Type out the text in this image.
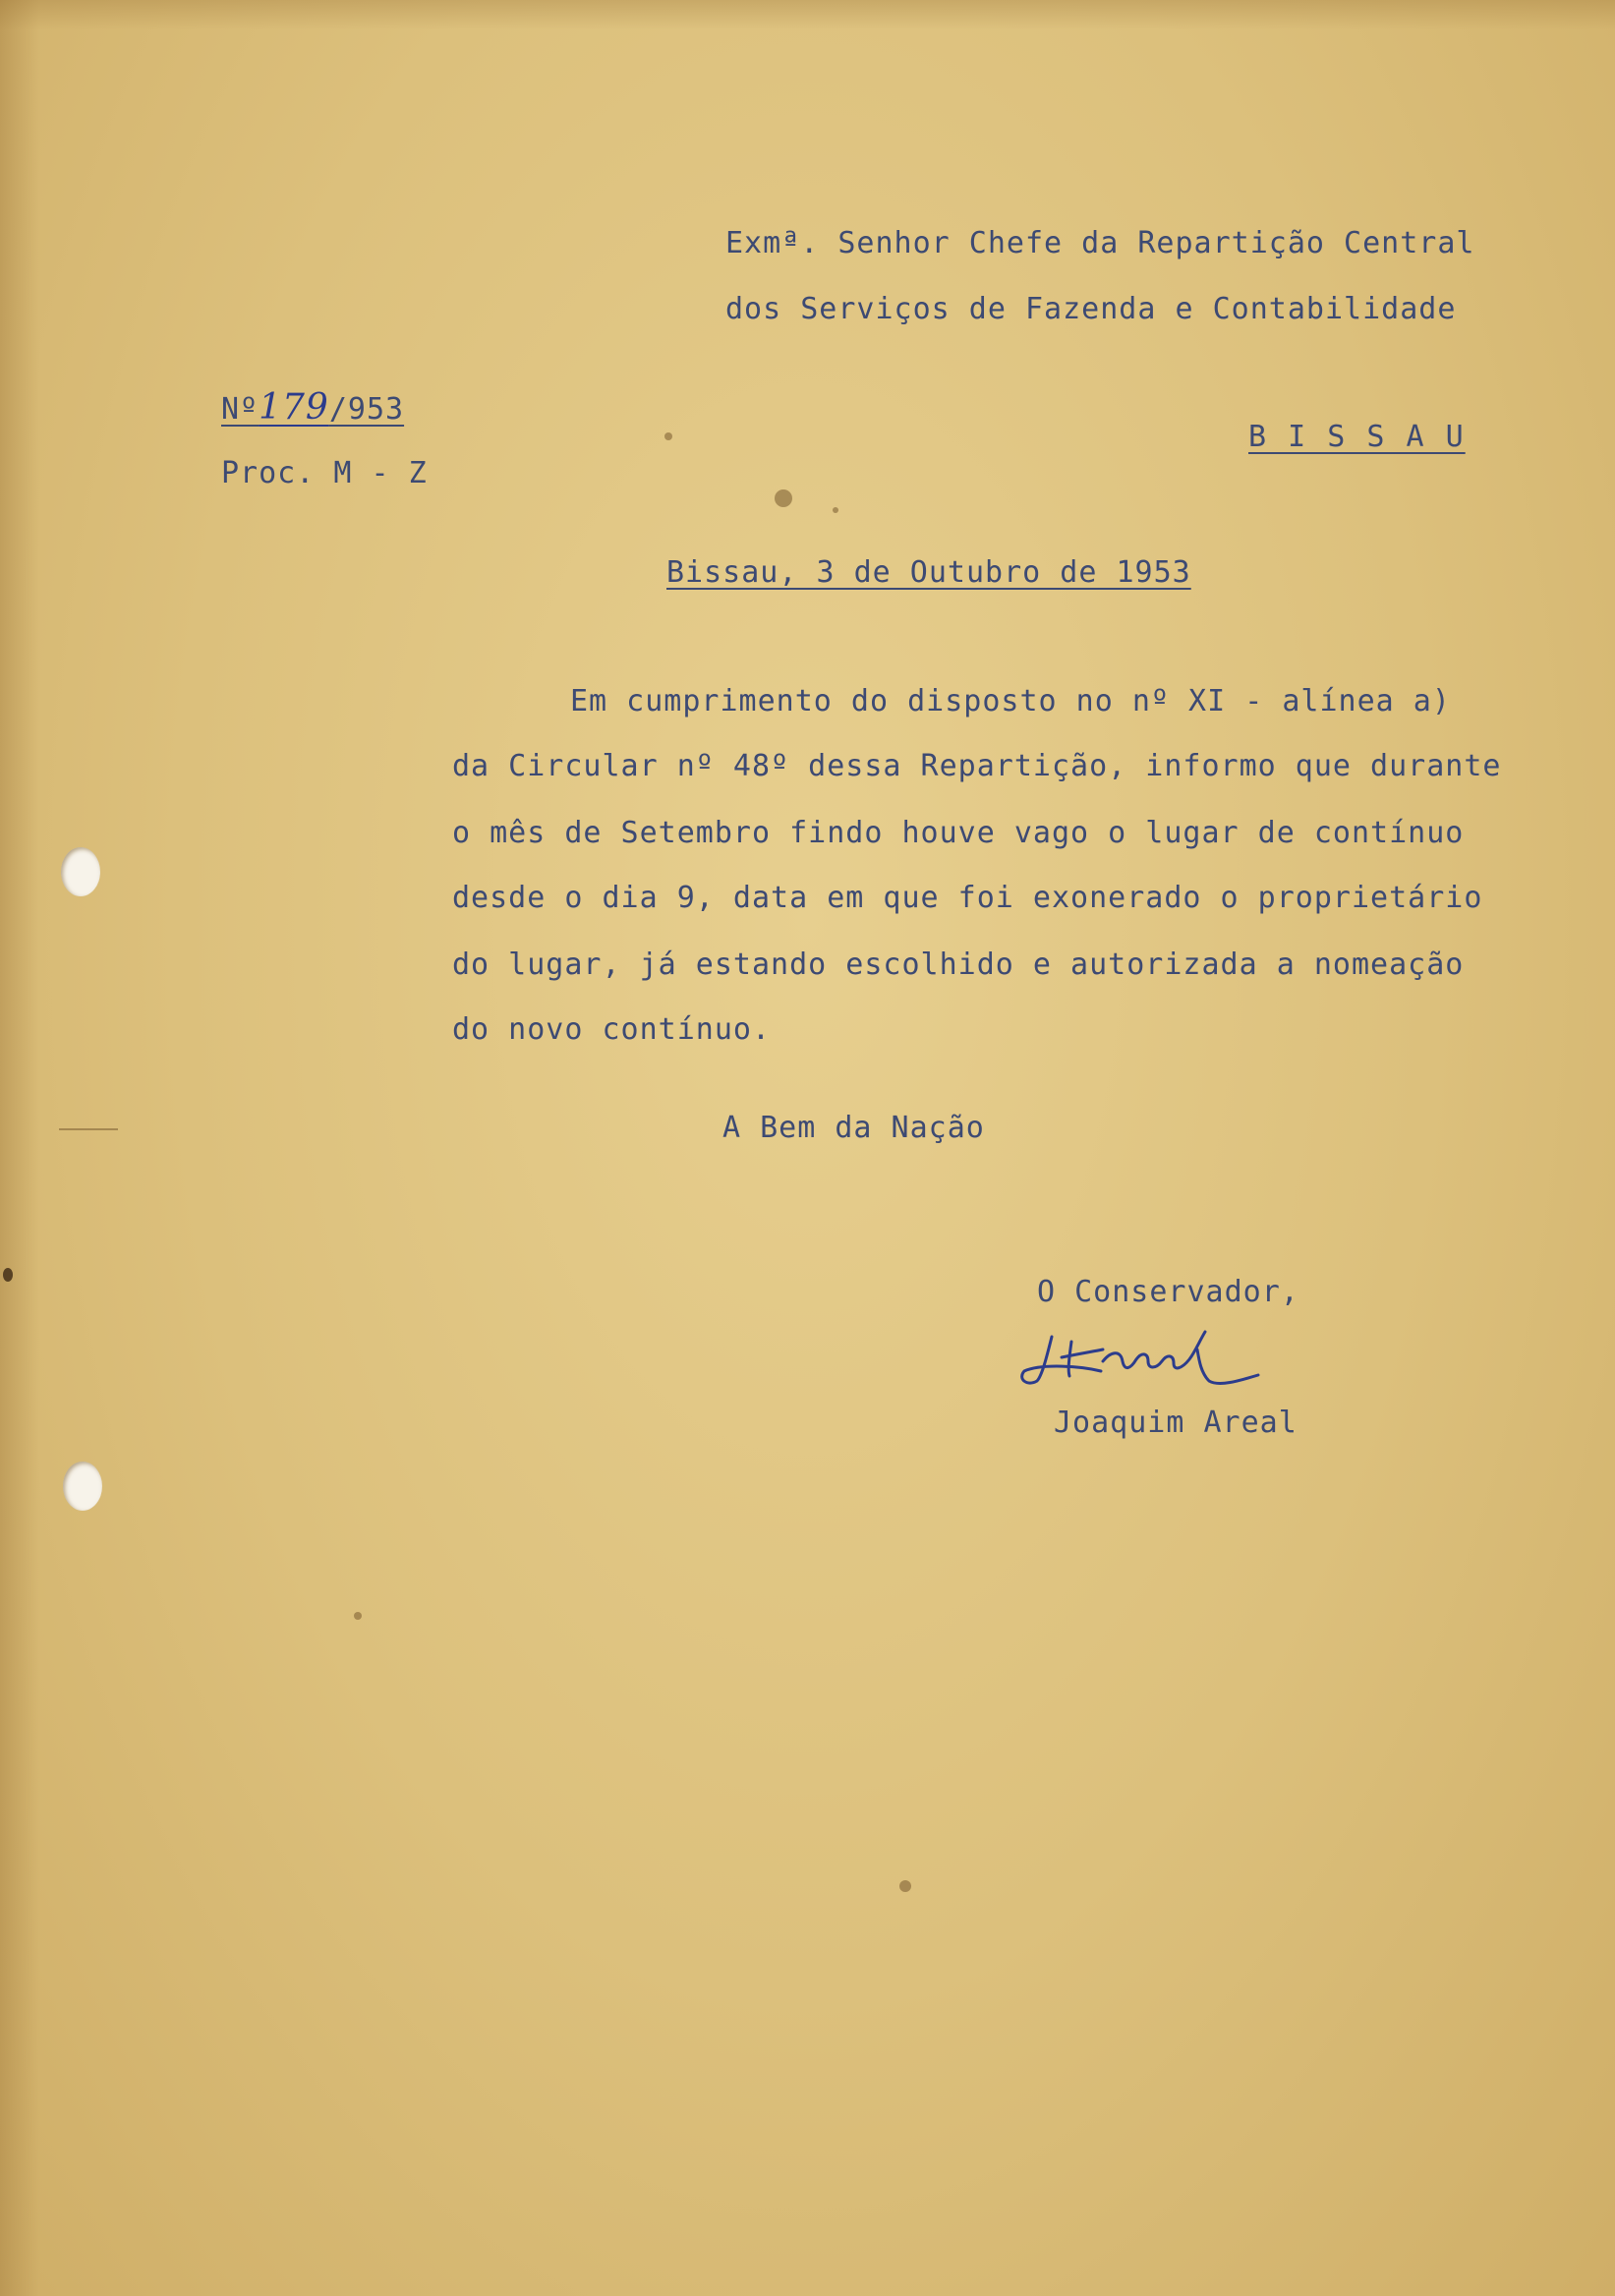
Exmª. Senhor Chefe da Repartição Central
dos Serviços de Fazenda e Contabilidade
B I S S A U
Nº179/953
Proc. M - Z
Bissau, 3 de Outubro de 1953
Em cumprimento do disposto no nº XI - alínea a)
da Circular nº 48º dessa Repartição, informo que durante
o mês de Setembro findo houve vago o lugar de contínuo
desde o dia 9, data em que foi exonerado o proprietário
do lugar, já estando escolhido e autorizada a nomeação
do novo contínuo.
A Bem da Nação
O Conservador,
Joaquim Areal
